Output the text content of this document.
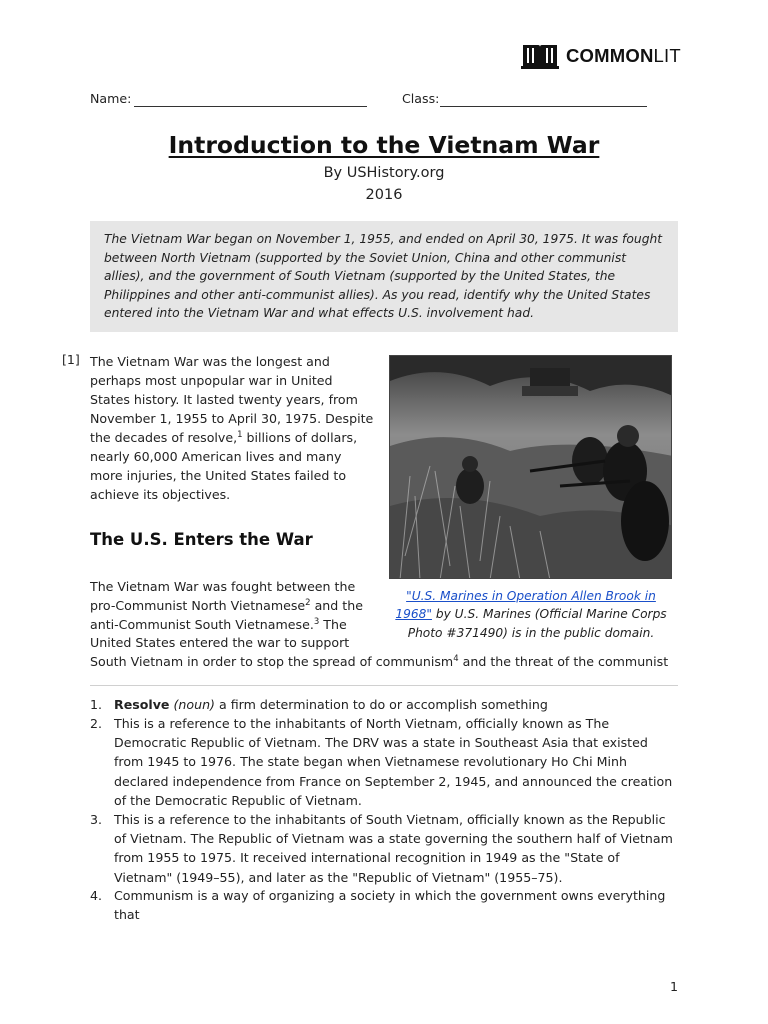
COMMONLIT
Name:	Class:
Introduction to the Vietnam War
By USHistory.org
2016
The Vietnam War began on November 1, 1955, and ended on April 30, 1975. It was fought between North Vietnam (supported by the Soviet Union, China and other communist allies), and the government of South Vietnam (supported by the United States, the Philippines and other anti-communist allies). As you read, identify why the United States entered into the Vietnam War and what effects U.S. involvement had.
[1] The Vietnam War was the longest and perhaps most unpopular war in United States history. It lasted twenty years, from November 1, 1955 to April 30, 1975. Despite the decades of resolve,$^1$ billions of dollars, nearly 60,000 American lives and many more injuries, the United States failed to achieve its objectives.
The U.S. Enters the War
The Vietnam War was fought between the pro-Communist North Vietnamese$^2$ and the anti-Communist South Vietnamese.$^3$ The United States entered the war to support
South Vietnam in order to stop the spread of communism$^4$ and the threat of the communist
"U.S. Marines in Operation Allen Brook in 1968" by U.S. Marines (Official Marine Corps Photo #371490) is in the public domain.
1. Resolve (noun) a firm determination to do or accomplish something
2. This is a reference to the inhabitants of North Vietnam, officially known as The Democratic Republic of Vietnam. The DRV was a state in Southeast Asia that existed from 1945 to 1976. The state began when Vietnamese revolutionary Ho Chi Minh declared independence from France on September 2, 1945, and announced the creation of the Democratic Republic of Vietnam.
3. This is a reference to the inhabitants of South Vietnam, officially known as the Republic of Vietnam. The Republic of Vietnam was a state governing the southern half of Vietnam from 1955 to 1975. It received international recognition in 1949 as the "State of Vietnam" (1949–55), and later as the "Republic of Vietnam" (1955–75).
4. Communism is a way of organizing a society in which the government owns everything that
1
